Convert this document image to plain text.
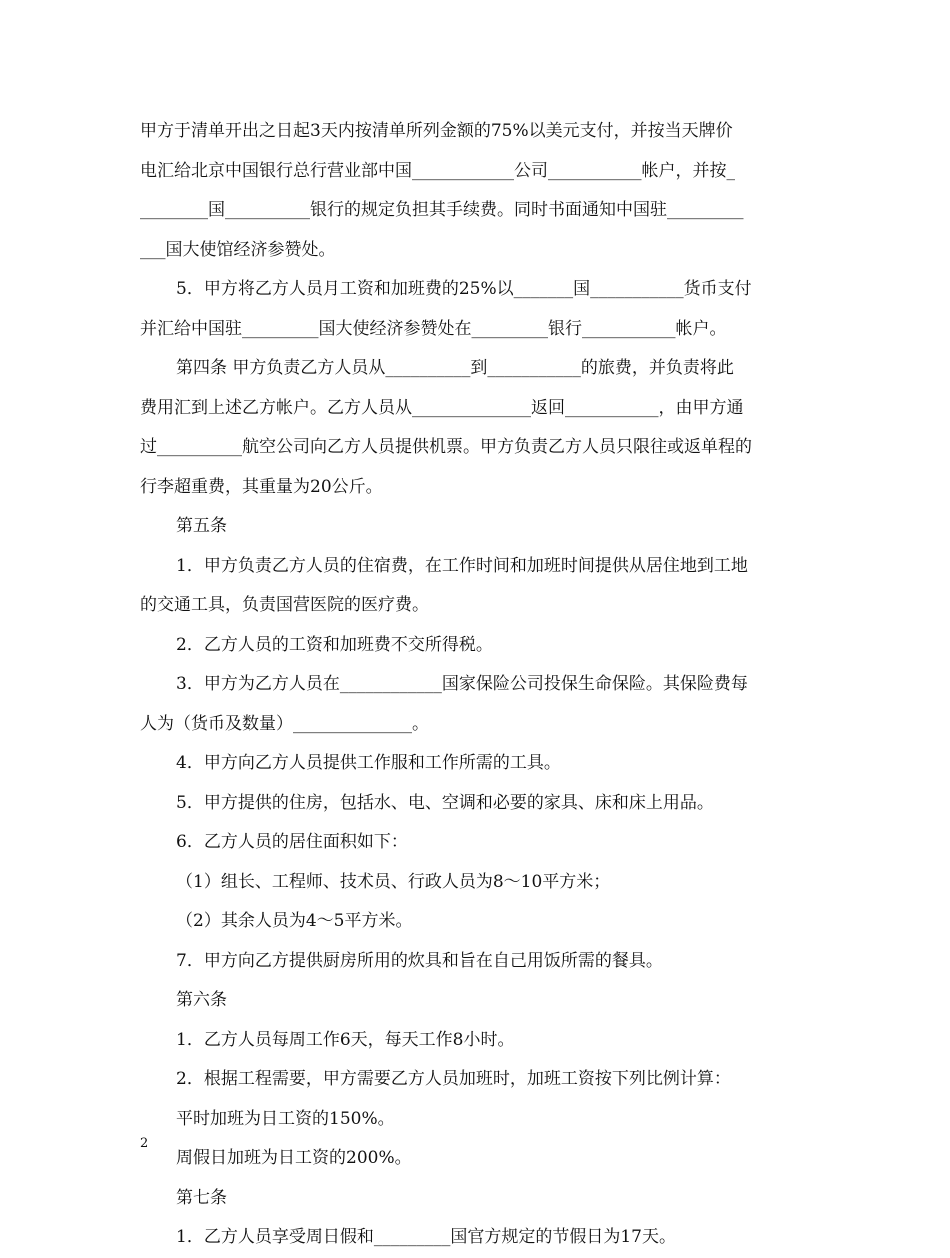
甲方于清单开出之日起3天内按清单所列金额的75%以美元支付，并按当天牌价
电汇给北京中国银行总行营业部中国____________公司___________帐户，并按_
________国__________银行的规定负担其手续费。同时书面通知中国驻_________
___国大使馆经济参赞处。
5．甲方将乙方人员月工资和加班费的25%以_______国___________货币支付
并汇给中国驻_________国大使经济参赞处在_________银行___________帐户。
第四条 甲方负责乙方人员从__________到___________的旅费，并负责将此
费用汇到上述乙方帐户。乙方人员从______________返回___________，由甲方通
过__________航空公司向乙方人员提供机票。甲方负责乙方人员只限往或返单程的
行李超重费，其重量为20公斤。
第五条
1．甲方负责乙方人员的住宿费，在工作时间和加班时间提供从居住地到工地
的交通工具，负责国营医院的医疗费。
2．乙方人员的工资和加班费不交所得税。
3．甲方为乙方人员在____________国家保险公司投保生命保险。其保险费每
人为（货币及数量）______________。
4．甲方向乙方人员提供工作服和工作所需的工具。
5．甲方提供的住房，包括水、电、空调和必要的家具、床和床上用品。
6．乙方人员的居住面积如下：
（1）组长、工程师、技术员、行政人员为8～10平方米；
（2）其余人员为4～5平方米。
7．甲方向乙方提供厨房所用的炊具和旨在自己用饭所需的餐具。
第六条
1．乙方人员每周工作6天，每天工作8小时。
2．根据工程需要，甲方需要乙方人员加班时，加班工资按下列比例计算：
平时加班为日工资的150%。
周假日加班为日工资的200%。
第七条
1．乙方人员享受周日假和_________国官方规定的节假日为17天。
2
